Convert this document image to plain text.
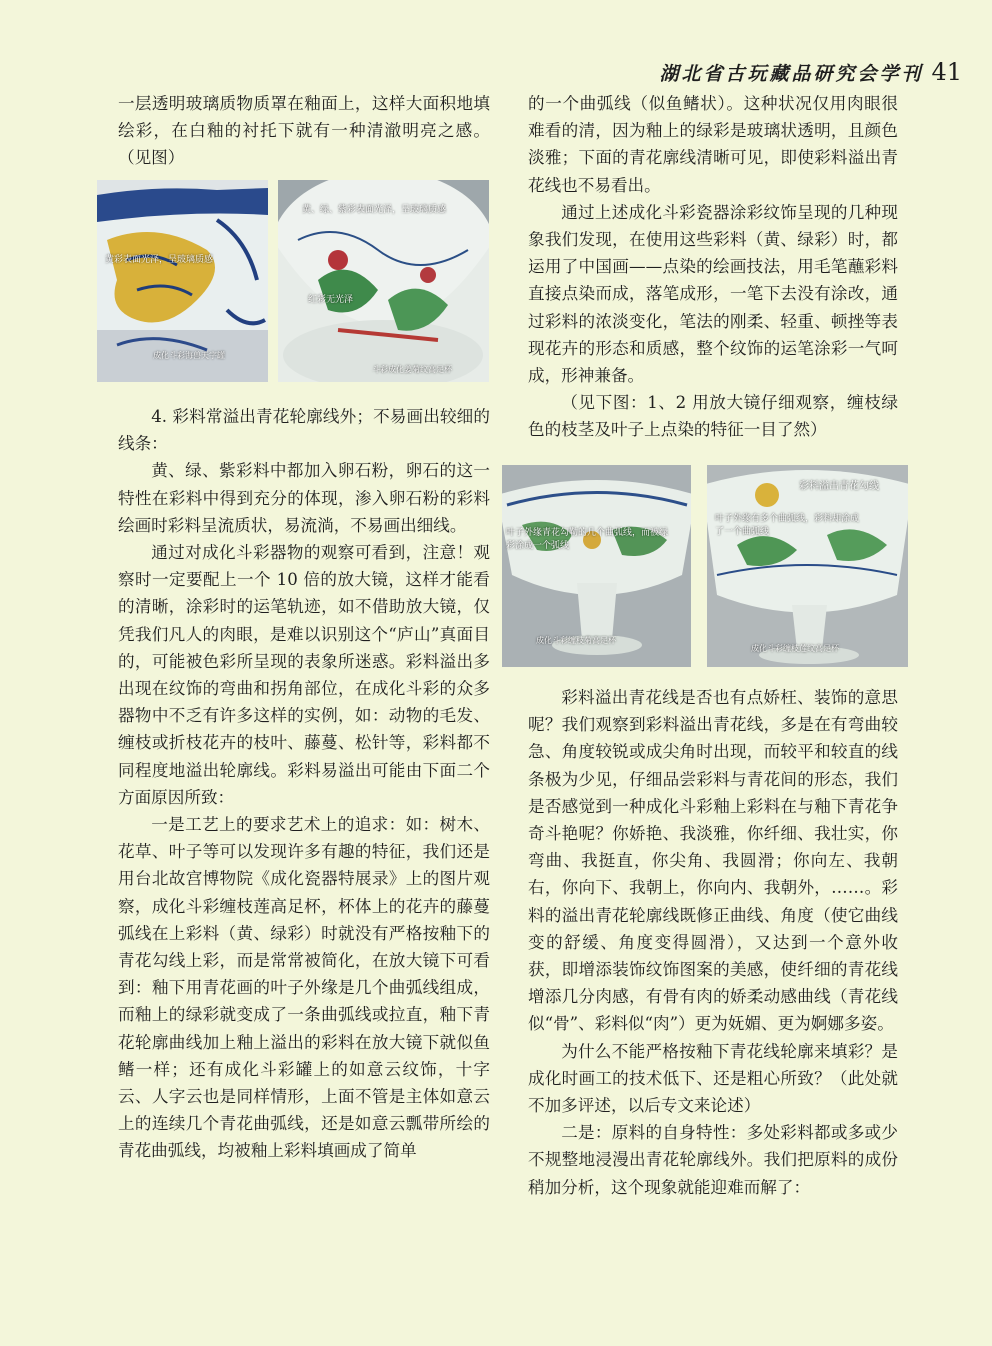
湖北省古玩藏品研究会学刊 41

一层透明玻璃质物质罩在釉面上，这样大面积地填绘彩，在白釉的衬托下就有一种清澈明亮之感。（见图）

黄彩表面光泽，呈玻璃质感
成化斗彩海兽天字罐
黄、绿、紫彩表面光泽，呈玻璃质感
红彩无光泽
斗彩成化姜菊纹高足杯

4. 彩料常溢出青花轮廓线外；不易画出较细的线条：

黄、绿、紫彩料中都加入卵石粉，卵石的这一特性在彩料中得到充分的体现，渗入卵石粉的彩料绘画时彩料呈流质状，易流淌，不易画出细线。

通过对成化斗彩器物的观察可看到，注意！观察时一定要配上一个 10 倍的放大镜，这样才能看的清晰，涂彩时的运笔轨迹，如不借助放大镜，仅凭我们凡人的肉眼，是难以识别这个“庐山”真面目的，可能被色彩所呈现的表象所迷惑。彩料溢出多出现在纹饰的弯曲和拐角部位，在成化斗彩的众多器物中不乏有许多这样的实例，如：动物的毛发、缠枝或折枝花卉的枝叶、藤蔓、松针等，彩料都不同程度地溢出轮廓线。彩料易溢出可能由下面二个方面原因所致：

一是工艺上的要求艺术上的追求：如：树木、花草、叶子等可以发现许多有趣的特征，我们还是用台北故宫博物院《成化瓷器特展录》上的图片观察，成化斗彩缠枝莲高足杯，杯体上的花卉的藤蔓弧线在上彩料（黄、绿彩）时就没有严格按釉下的青花勾线上彩，而是常常被简化，在放大镜下可看到：釉下用青花画的叶子外缘是几个曲弧线组成，而釉上的绿彩就变成了一条曲弧线或拉直，釉下青花轮廓曲线加上釉上溢出的彩料在放大镜下就似鱼鳍一样；还有成化斗彩罐上的如意云纹饰，十字云、人字云也是同样情形，上面不管是主体如意云上的连续几个青花曲弧线，还是如意云瓢带所绘的青花曲弧线，均被釉上彩料填画成了简单

的一个曲弧线（似鱼鳍状）。这种状况仅用肉眼很难看的清，因为釉上的绿彩是玻璃状透明，且颜色淡雅；下面的青花廓线清晰可见，即使彩料溢出青花线也不易看出。

通过上述成化斗彩瓷器涂彩纹饰呈现的几种现象我们发现，在使用这些彩料（黄、绿彩）时，都运用了中国画——点染的绘画技法，用毛笔蘸彩料直接点染而成，落笔成形，一笔下去没有涂改，通过彩料的浓淡变化，笔法的刚柔、轻重、顿挫等表现花卉的形态和质感，整个纹饰的运笔涂彩一气呵成，形神兼备。

（见下图：1、2 用放大镜仔细观察，缠枝绿色的枝茎及叶子上点染的特征一目了然）

叶子外缘青花勾勒的几个曲弧线，而被绿彩涂成一个弧线
成化斗彩缠枝菊高足杯
彩料溢出青花勾线
叶子外缘有多个曲弧线，彩料却涂成了一个曲弧线
成化斗彩缠枝莲纹高足杯

彩料溢出青花线是否也有点娇枉、装饰的意思呢？我们观察到彩料溢出青花线，多是在有弯曲较急、角度较锐或成尖角时出现，而较平和较直的线条极为少见，仔细品尝彩料与青花间的形态，我们是否感觉到一种成化斗彩釉上彩料在与釉下青花争奇斗艳呢？你娇艳、我淡雅，你纤细、我壮实，你弯曲、我挺直，你尖角、我圆滑；你向左、我朝右，你向下、我朝上，你向内、我朝外，……。彩料的溢出青花轮廓线既修正曲线、角度（使它曲线变的舒缓、角度变得圆滑），又达到一个意外收获，即增添装饰纹饰图案的美感，使纤细的青花线增添几分肉感，有骨有肉的娇柔动感曲线（青花线似“骨”、彩料似“肉”）更为妩媚、更为婀娜多姿。

为什么不能严格按釉下青花线轮廓来填彩？是成化时画工的技术低下、还是粗心所致？（此处就不加多评述，以后专文来论述）

二是：原料的自身特性：多处彩料都或多或少不规整地浸漫出青花轮廓线外。我们把原料的成份稍加分析，这个现象就能迎难而解了：
